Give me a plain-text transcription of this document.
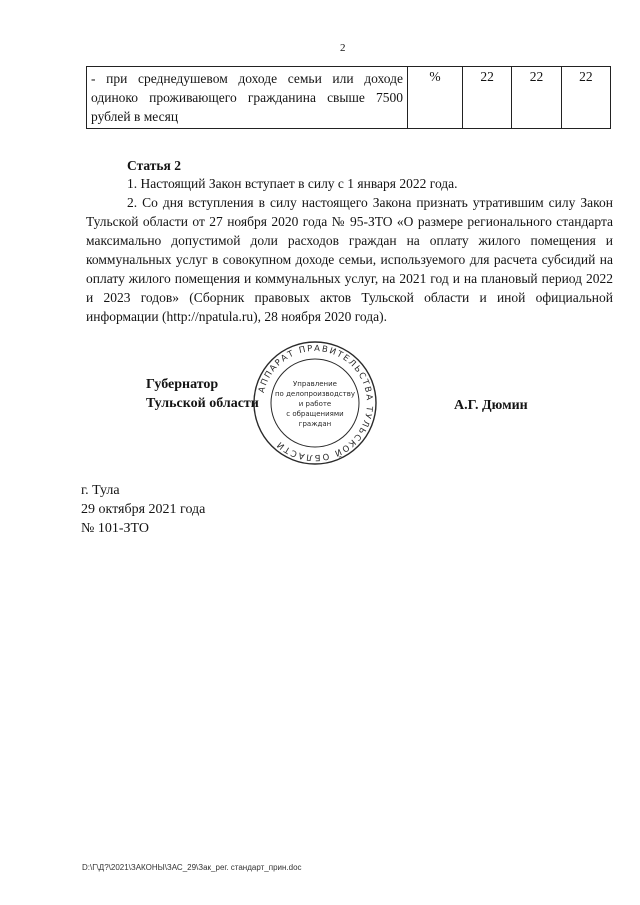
2
- при среднедушевом доходе семьи или доходе одиноко проживающего гражданина свыше 7500 рублей в месяц	%	22	22	22
Статья 2

1. Настоящий Закон вступает в силу с 1 января 2022 года.

2. Со дня вступления в силу настоящего Закона признать утратившим силу Закон Тульской области от 27 ноября 2020 года № 95-ЗТО «О размере регионального стандарта максимально допустимой доли расходов граждан на оплату жилого помещения и коммунальных услуг в совокупном доходе семьи, используемого для расчета субсидий на оплату жилого помещения и коммунальных услуг, на 2021 год и на плановый период 2022 и 2023 годов» (Сборник правовых актов Тульской области и иной официальной информации (http://npatula.ru), 28 ноября 2020 года).

Губернатор
Тульской области
АППАРАТ ПРАВИТЕЛЬСТВА ТУЛЬСКОЙ ОБЛАСТИ
Управление
по делопроизводству
и работе
с обращениями
граждан
А.Г. Дюмин
г. Тула
29 октября 2021 года
№ 101-ЗТО
D:\Г\Д?\2021\ЗАКОНЫ\ЗАС_29\Зак_рег. стандарт_прин.doc
